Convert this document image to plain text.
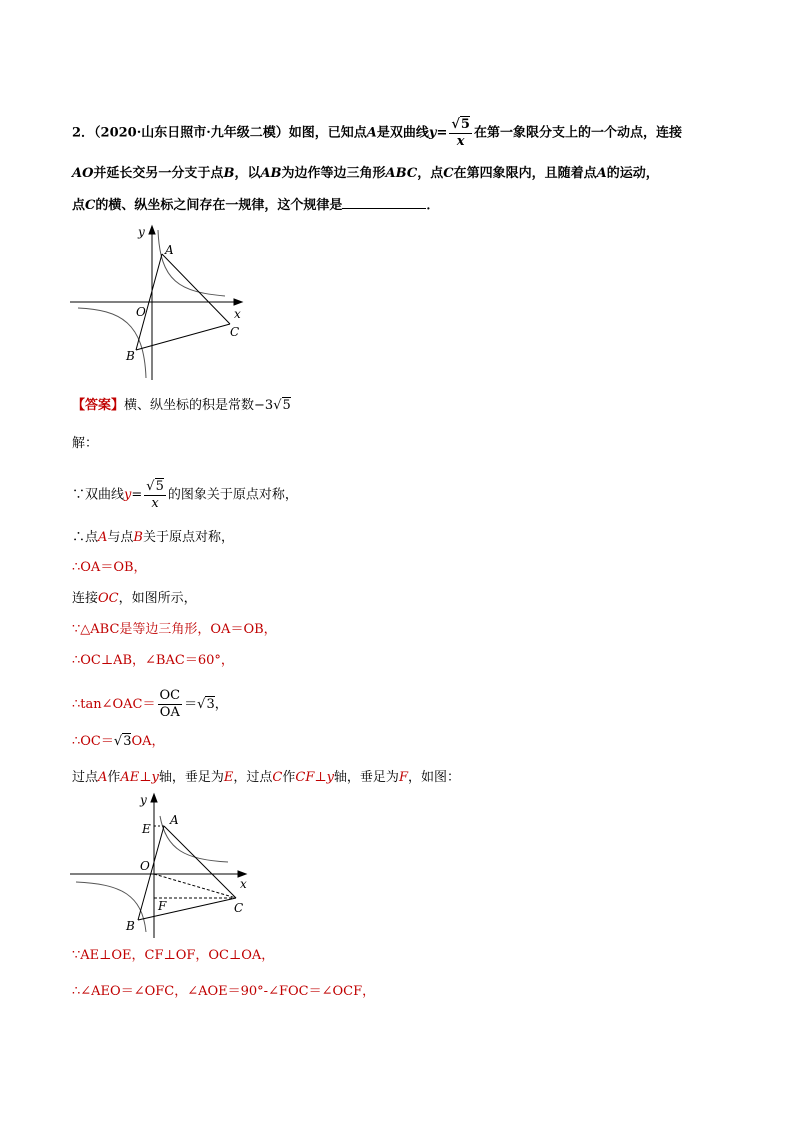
2．（2020·山东日照市·九年级二模）如图，已知点A是双曲线$y= \frac{√5}{x}$ 在第一象限分支上的一个动点，连接
AO并延长交另一分支于点B，以AB为边作等边三角形ABC，点C在第四象限内，且随着点A的运动，
点C的横、纵坐标之间存在一规律，这个规律是	．
y
x
A
O
B
C
【答案】横、纵坐标的积是常数−3√5
解：
∵双曲线$y= \frac{√5}{x}$ 的图象关于原点对称，
∴点A与点B关于原点对称，
∴OA＝OB，
连接OC，如图所示，
∵△ABC是等边三角形，OA＝OB，
∴OC⊥AB，∠BAC＝60°，
∴tan∠OAC＝ $\frac{OC}{OA} =√3$，
∴OC＝√3OA，
过点A作AE⊥y轴，垂足为E，过点C作CF⊥y轴，垂足为F，如图：
y
x
E
A
O
F
B
C
∵AE⊥OE，CF⊥OF，OC⊥OA，
∴∠AEO＝∠OFC，∠AOE＝90°-∠FOC＝∠OCF，
